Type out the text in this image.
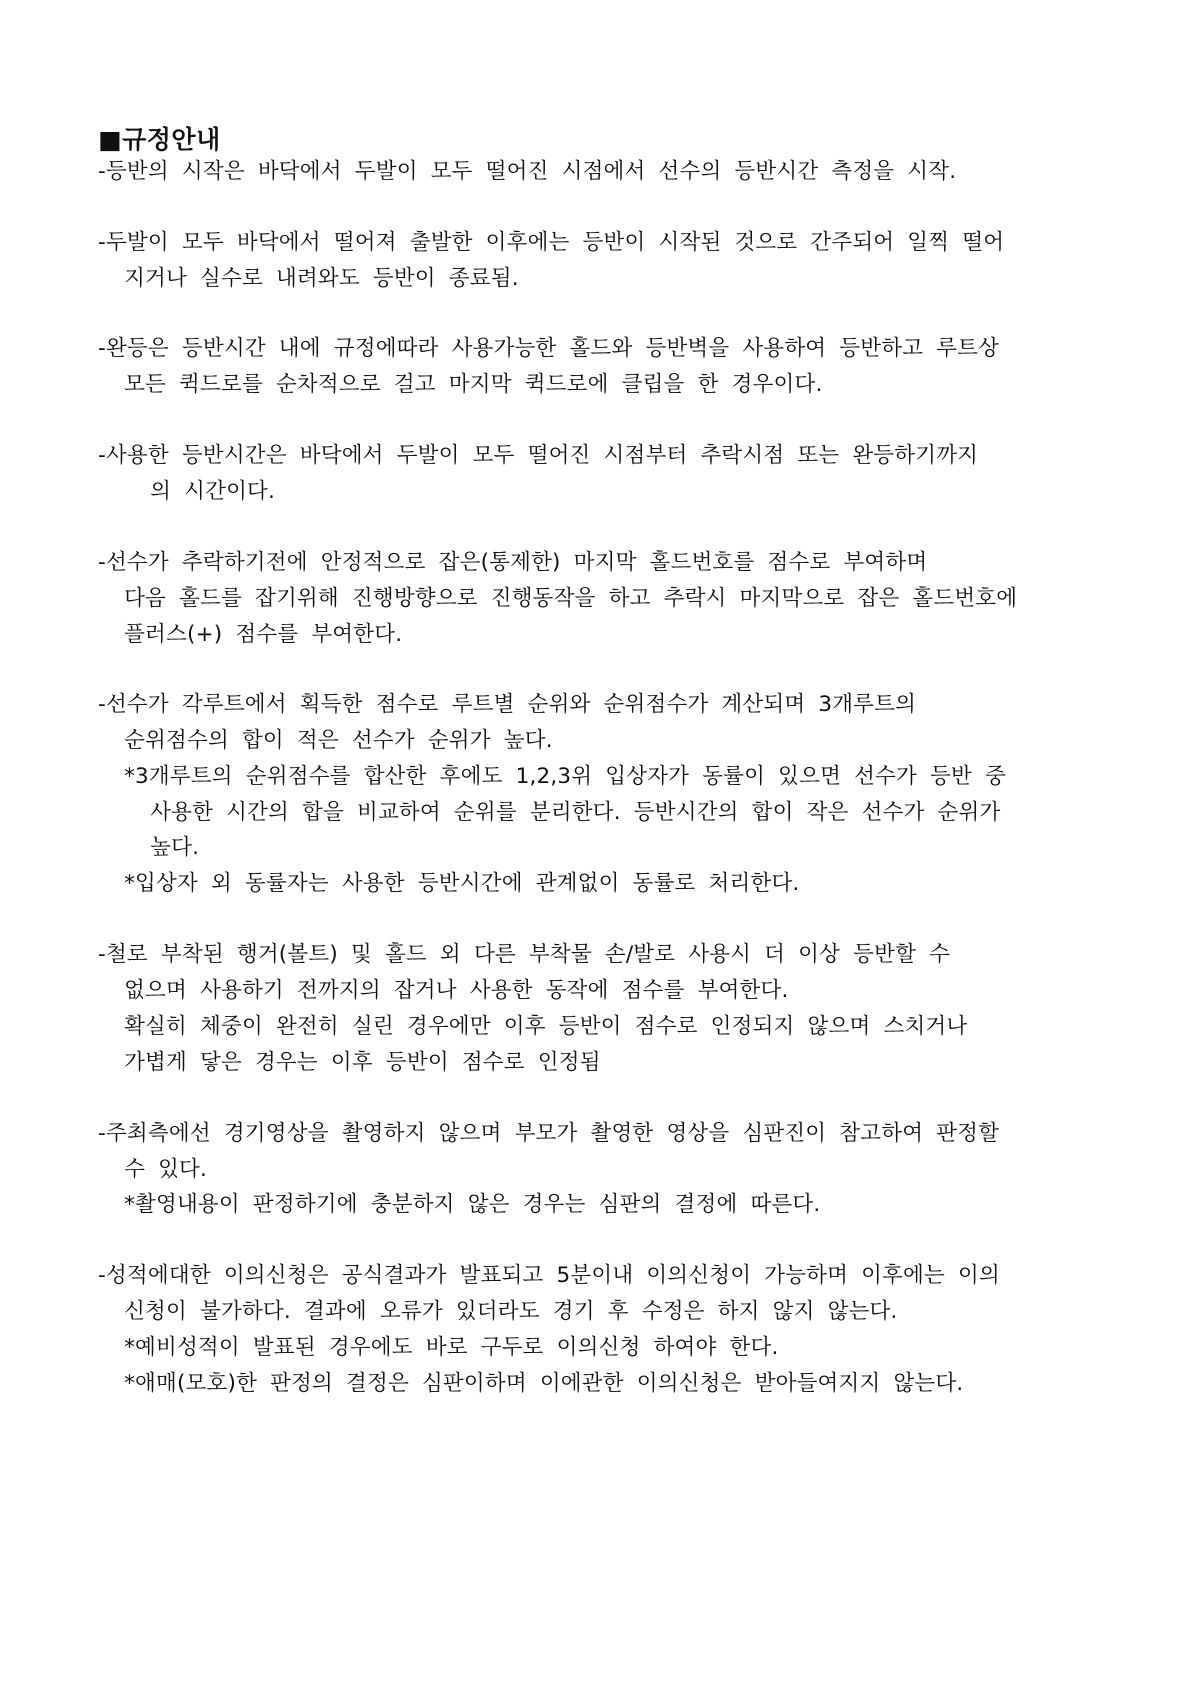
■규정안내
-등반의 시작은 바닥에서 두발이 모두 떨어진 시점에서 선수의 등반시간 측정을 시작.
-두발이 모두 바닥에서 떨어져 출발한 이후에는 등반이 시작된 것으로 간주되어 일찍 떨어
지거나 실수로 내려와도 등반이 종료됨.
-완등은 등반시간 내에 규정에따라 사용가능한 홀드와 등반벽을 사용하여 등반하고 루트상
모든 퀵드로를 순차적으로 걸고 마지막 퀵드로에 클립을 한 경우이다.
-사용한 등반시간은 바닥에서 두발이 모두 떨어진 시점부터 추락시점 또는 완등하기까지
의 시간이다.
-선수가 추락하기전에 안정적으로 잡은(통제한) 마지막 홀드번호를 점수로 부여하며
다음 홀드를 잡기위해 진행방향으로 진행동작을 하고 추락시 마지막으로 잡은 홀드번호에
플러스(+) 점수를 부여한다.
-선수가 각루트에서 획득한 점수로 루트별 순위와 순위점수가 계산되며 3개루트의
순위점수의 합이 적은 선수가 순위가 높다.
*3개루트의 순위점수를 합산한 후에도 1,2,3위 입상자가 동률이 있으면 선수가 등반 중
사용한 시간의 합을 비교하여 순위를 분리한다. 등반시간의 합이 작은 선수가 순위가
높다.
*입상자 외 동률자는 사용한 등반시간에 관계없이 동률로 처리한다.
-철로 부착된 행거(볼트) 및 홀드 외 다른 부착물 손/발로 사용시 더 이상 등반할 수
없으며 사용하기 전까지의 잡거나 사용한 동작에 점수를 부여한다.
확실히 체중이 완전히 실린 경우에만 이후 등반이 점수로 인정되지 않으며 스치거나
가볍게 닿은 경우는 이후 등반이 점수로 인정됨
-주최측에선 경기영상을 촬영하지 않으며 부모가 촬영한 영상을 심판진이 참고하여 판정할
수 있다.
*촬영내용이 판정하기에 충분하지 않은 경우는 심판의 결정에 따른다.
-성적에대한 이의신청은 공식결과가 발표되고 5분이내 이의신청이 가능하며 이후에는 이의
신청이 불가하다. 결과에 오류가 있더라도 경기 후 수정은 하지 않지 않는다.
*예비성적이 발표된 경우에도 바로 구두로 이의신청 하여야 한다.
*애매(모호)한 판정의 결정은 심판이하며 이에관한 이의신청은 받아들여지지 않는다.
